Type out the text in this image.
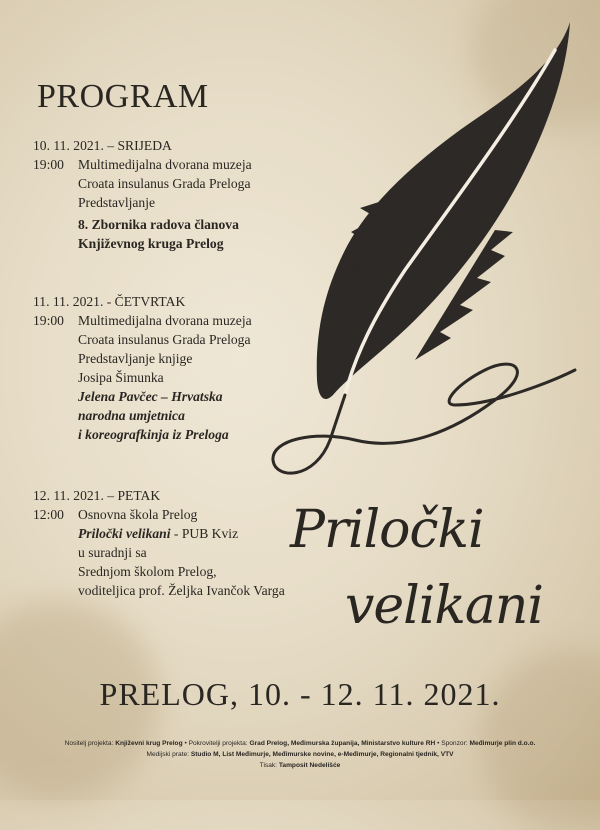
PROGRAM
10. 11. 2021. – SRIJEDA
19:00	Multimedijalna dvorana muzeja
Croata insulanus Grada Preloga
Predstavljanje
8. Zbornika radova članova
Književnog kruga Prelog
11. 11. 2021. - ČETVRTAK
19:00	Multimedijalna dvorana muzeja
Croata insulanus Grada Preloga
Predstavljanje knjige
Josipa Šimunka
Jelena Pavčec – Hrvatska
narodna umjetnica
i koreografkinja iz Preloga
12. 11. 2021. – PETAK
12:00	Osnovna škola Prelog
Priločki velikani - PUB Kviz
u suradnji sa
Srednjom školom Prelog,
voditeljica prof. Željka Ivančok Varga
Priločki
velikani
PRELOG, 10. - 12. 11. 2021.
Nositelj projekta: Književni krug Prelog • Pokrovitelji projekta: Grad Prelog, Međimurska županija, Ministarstvo kulture RH • Sponzor: Međimurje plin d.o.o.
Medijski prate: Studio M, List Međimurje, Međimurske novine, e-Međimurje, Regionalni tjednik, VTV
Tisak: Tamposit Nedelišće
